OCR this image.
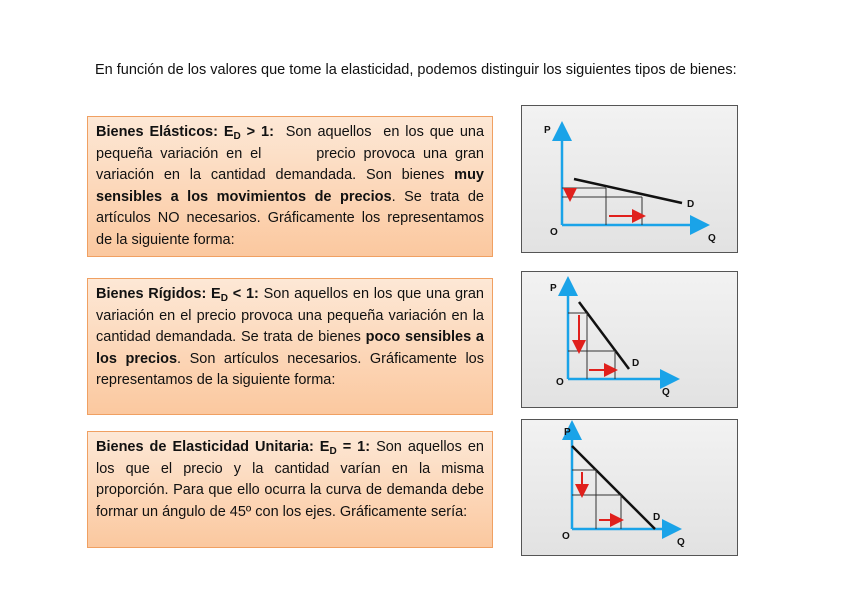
En función de los valores que tome la elasticidad, podemos distinguir los siguientes tipos de bienes:
Bienes Elásticos: $E_D > 1$:  Son aquellos  en los que una pequeña variación en el       precio provoca una gran variación en la cantidad demandada. Son bienes muy sensibles a los movimientos de precios. Se trata de artículos NO necesarios. Gráficamente los representamos de la siguiente forma:
Bienes Rígidos: $E_D < 1$: Son aquellos en los que una gran variación en el precio provoca una pequeña variación en la cantidad demandada. Se trata de bienes poco sensibles a los precios. Son artículos necesarios. Gráficamente los representamos de la siguiente forma:
Bienes de Elasticidad Unitaria: $E_D = 1$: Son aquellos en los que el precio y la cantidad varían en la misma proporción. Para que ello ocurra la curva de demanda debe formar un ángulo de 45º con los ejes. Gráficamente sería:
P
Q
O
D
P
Q
O
D
P
Q
O
D
